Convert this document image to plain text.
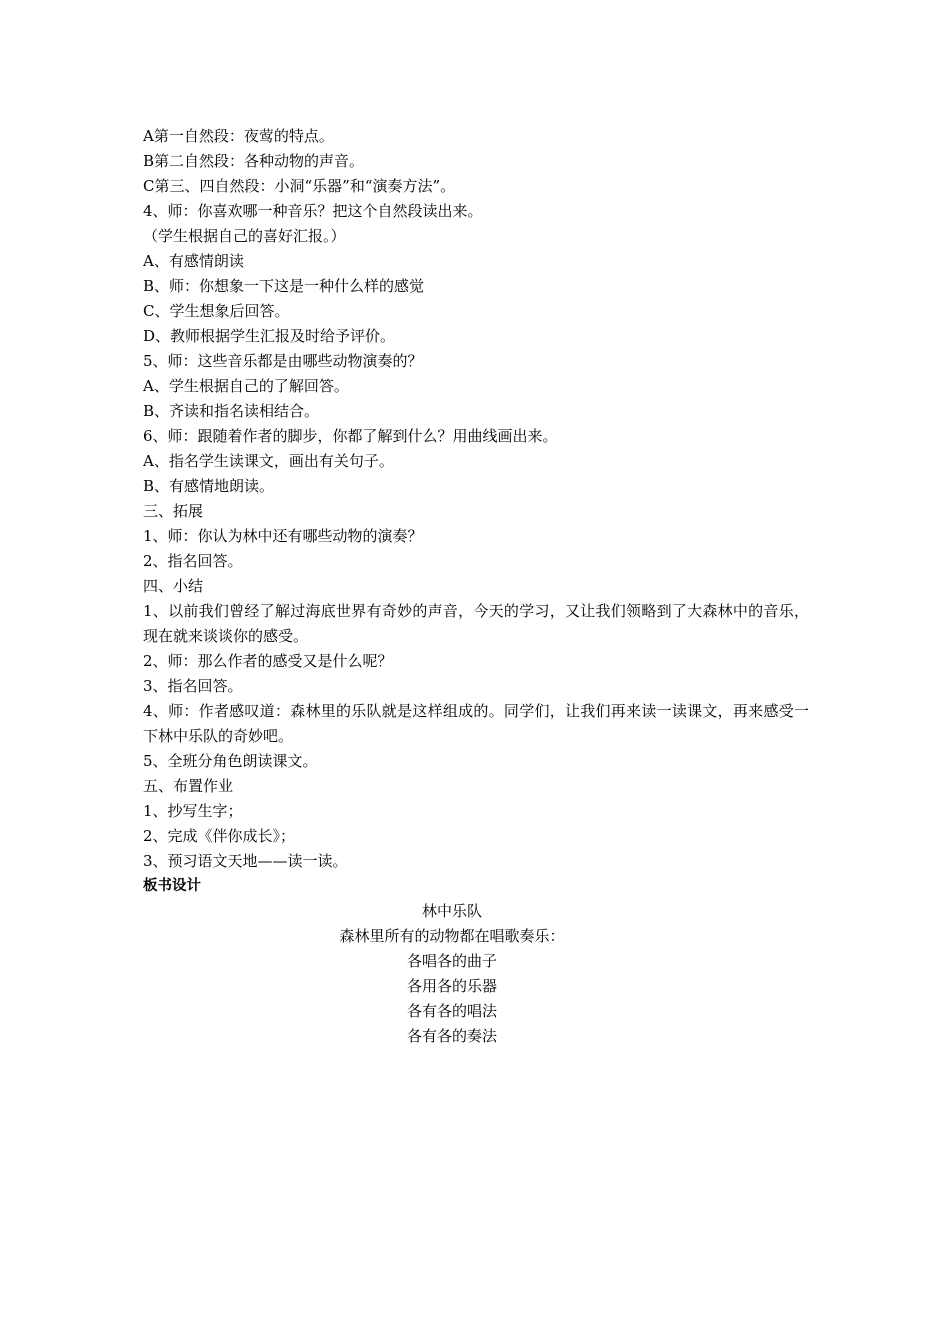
A第一自然段：夜莺的特点。
B第二自然段：各种动物的声音。
C第三、四自然段：小洞“乐器”和“演奏方法”。
4、师：你喜欢哪一种音乐？把这个自然段读出来。
（学生根据自己的喜好汇报。）
A、有感情朗读
B、师：你想象一下这是一种什么样的感觉
C、学生想象后回答。
D、教师根据学生汇报及时给予评价。
5、师：这些音乐都是由哪些动物演奏的？
A、学生根据自己的了解回答。
B、齐读和指名读相结合。
6、师：跟随着作者的脚步，你都了解到什么？用曲线画出来。
A、指名学生读课文，画出有关句子。
B、有感情地朗读。
三、拓展
1、师：你认为林中还有哪些动物的演奏？
2、指名回答。
四、小结
1、以前我们曾经了解过海底世界有奇妙的声音，今天的学习，又让我们领略到了大森林中的音乐，现在就来谈谈你的感受。
2、师：那么作者的感受又是什么呢？
3、指名回答。
4、师：作者感叹道：森林里的乐队就是这样组成的。同学们，让我们再来读一读课文，再来感受一下林中乐队的奇妙吧。
5、全班分角色朗读课文。
五、布置作业
1、抄写生字；
2、完成《伴你成长》；
3、预习语文天地——读一读。
板书设计
林中乐队
森林里所有的动物都在唱歌奏乐：
各唱各的曲子
各用各的乐器
各有各的唱法
各有各的奏法
